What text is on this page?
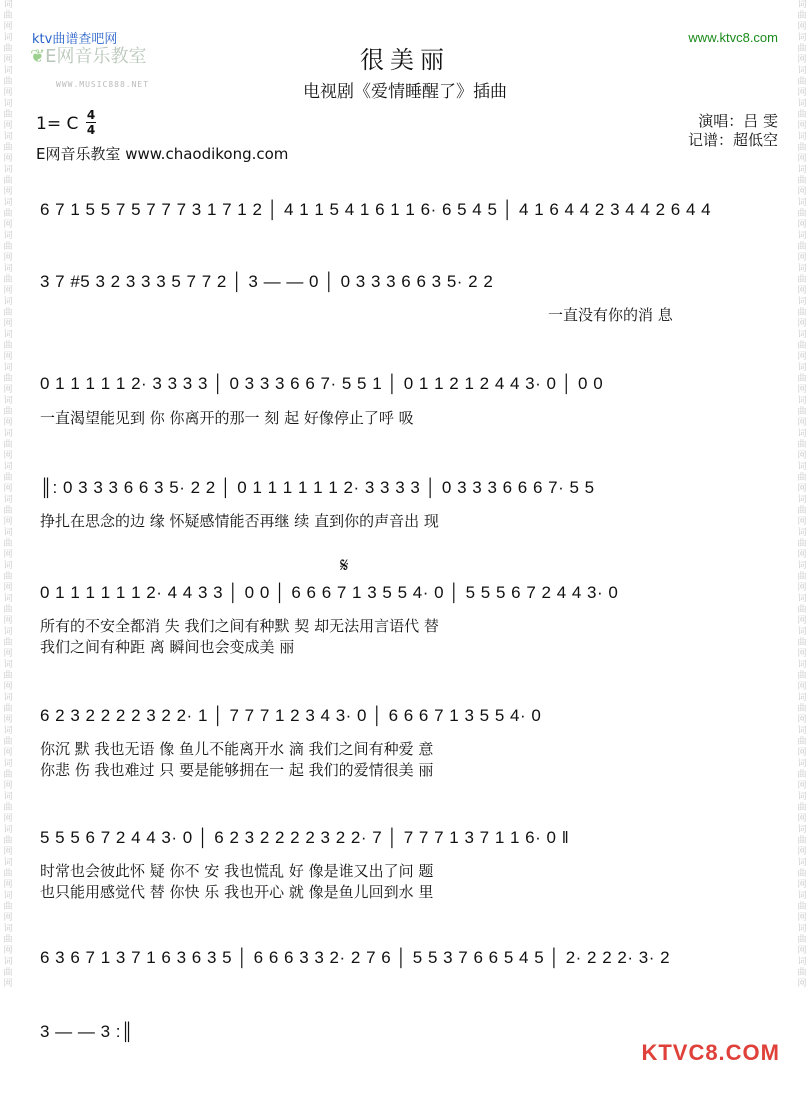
词曲网词曲网词曲网词曲网词曲网词曲网词曲网词曲网词曲网词曲网词曲网词曲网词曲网词曲网词曲网词曲网词曲网词曲网词曲网词曲网词曲网词曲网词曲网词曲网词曲网词曲网词曲网词曲网词曲网词曲网
词曲网词曲网词曲网词曲网词曲网词曲网词曲网词曲网词曲网词曲网词曲网词曲网词曲网词曲网词曲网词曲网词曲网词曲网词曲网词曲网词曲网词曲网词曲网词曲网词曲网词曲网词曲网词曲网词曲网词曲网
ktv曲谱查吧网	www.ktvc8.com
❦E网音乐教室
WWW.MUSIC888.NET
很美丽
电视剧《爱情睡醒了》插曲
1= C 4
4	演唱：吕 雯
记谱：超低空
E网音乐教室 www.chaodikong.com
6 7 1 5 5 7 5 7 7 7 3 1 7 1 2 │ 4 1 1 5 4 1 6 1 1 6· 6 5 4 5 │ 4 1 6 4 4 2 3 4 4 2 6 4 4
3 7 #5 3 2 3 3 3 5 7 7 2 │ 3 — — 0 │ 0 3 3 3 6 6 3 5· 2 2
一直没有你的消 息
0 1 1 1 1 1 2· 3 3 3 3 │ 0 3 3 3 6 6 7· 5 5 1 │ 0 1 1 2 1 2 4 4 3· 0 │ 0 0
一直渴望能见到 你 你离开的那一 刻 起 好像停止了呼 吸
║: 0 3 3 3 6 6 3 5· 2 2 │ 0 1 1 1 1 1 1 2· 3 3 3 3 │ 0 3 3 3 6 6 6 7· 5 5
挣扎在思念的边 缘 怀疑感情能否再继 续 直到你的声音出 现
𝄋
0 1 1 1 1 1 1 2· 4 4 3 3 │ 0 0 │ 6 6 6 7 1 3 5 5 4· 0 │ 5 5 5 6 7 2 4 4 3· 0
所有的不安全都消 失 我们之间有种默 契 却无法用言语代 替
我们之间有种距 离 瞬间也会变成美 丽
6 2 3 2 2 2 2 3 2 2· 1 │ 7 7 7 1 2 3 4 3· 0 │ 6 6 6 7 1 3 5 5 4· 0
你沉 默 我也无语 像 鱼儿不能离开水 滴 我们之间有种爱 意
你悲 伤 我也难过 只 要是能够拥在一 起 我们的爱情很美 丽
5 5 5 6 7 2 4 4 3· 0 │ 6 2 3 2 2 2 2 3 2 2· 7 │ 7 7 7 1 3 7 1 1 6· 0 ‖
时常也会彼此怀 疑 你不 安 我也慌乱 好 像是谁又出了问 题
也只能用感觉代 替 你快 乐 我也开心 就 像是鱼儿回到水 里
6 3 6 7 1 3 7 1 6 3 6 3 5 │ 6 6 6 3 3 2· 2 7 6 │ 5 5 3 7 6 6 5 4 5 │ 2· 2 2 2· 3· 2
3 — — 3 :║
KTVC8.COM
